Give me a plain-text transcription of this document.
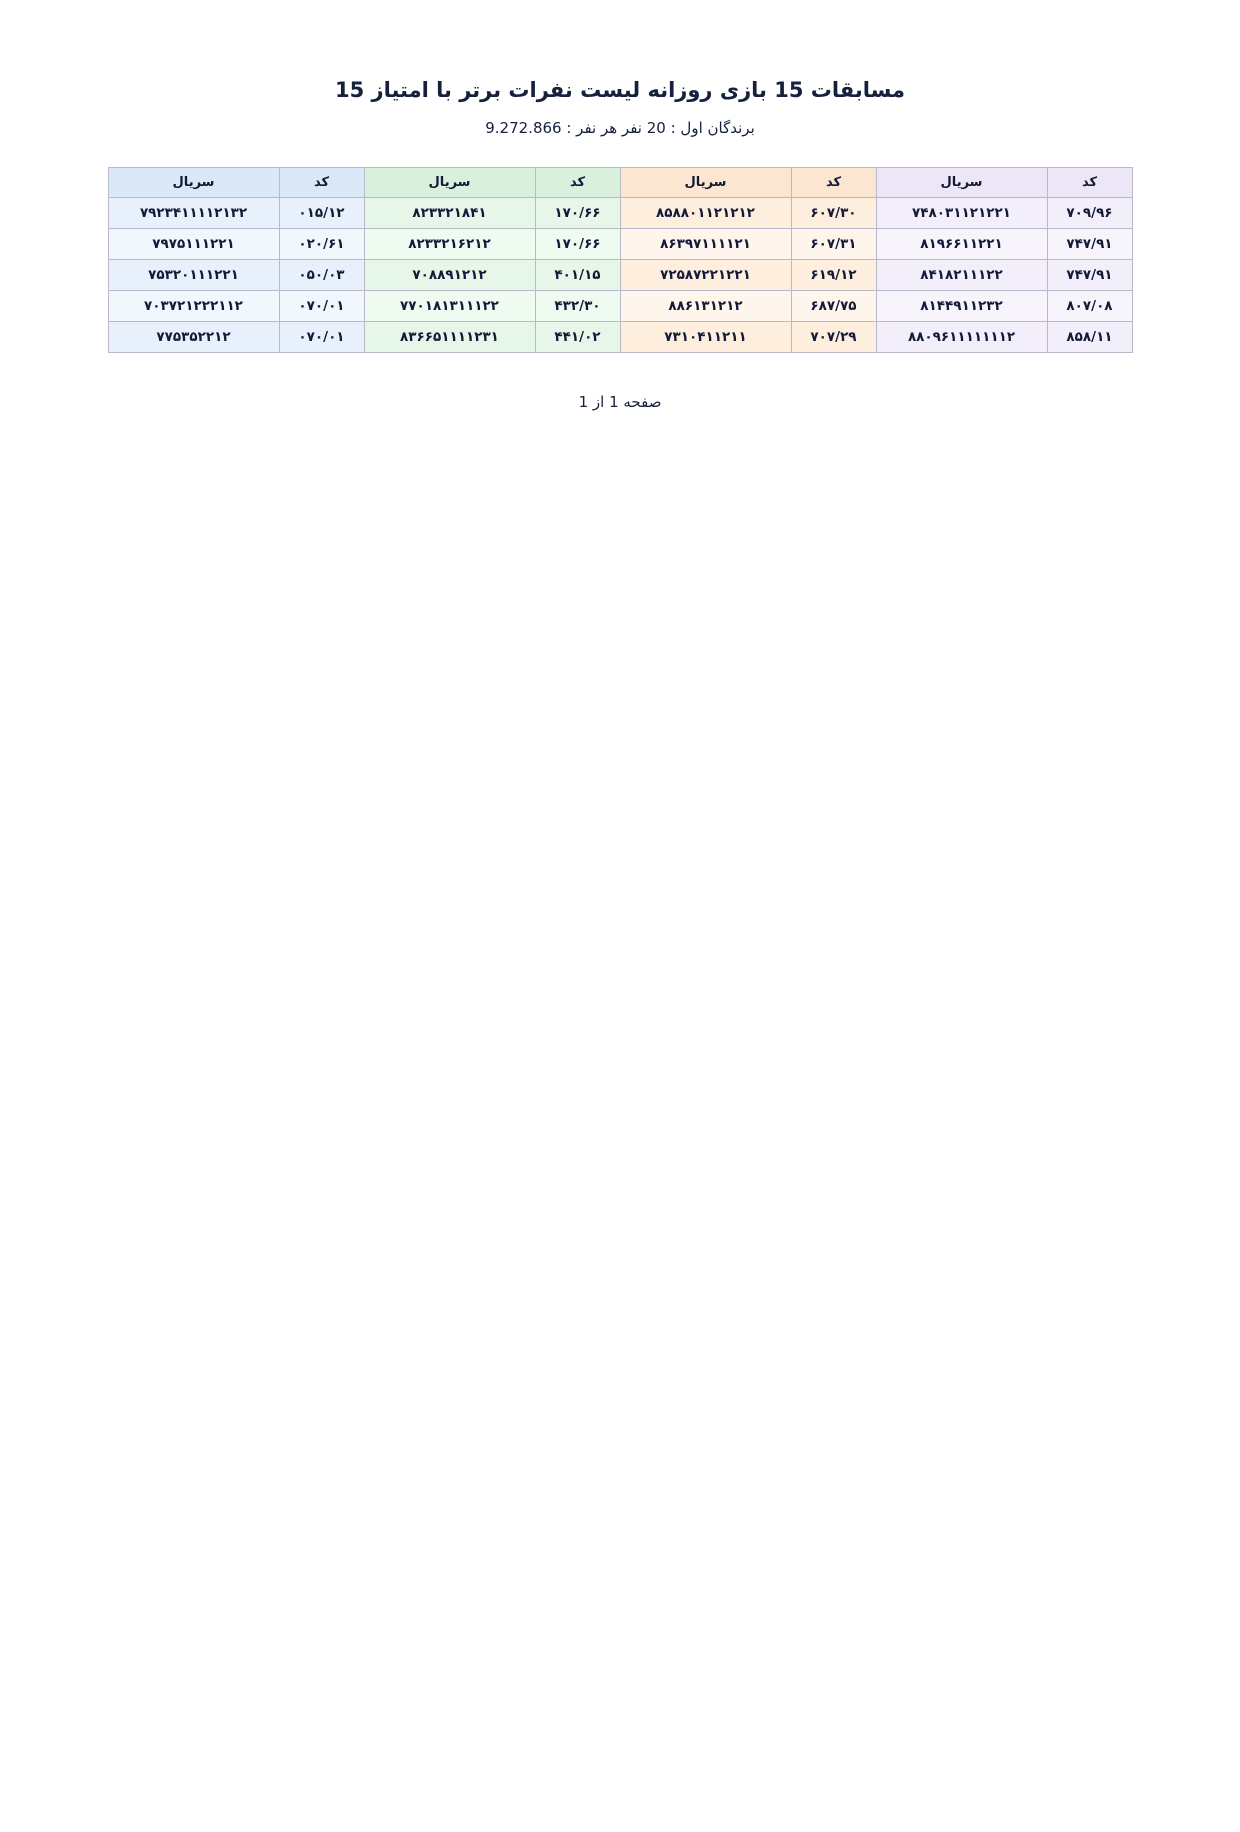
مسابقات 15 بازی روزانه لیست نفرات برتر با امتیاز 15
برندگان اول : 20 نفر هر نفر : 9.272.866
کد	سریال	کد	سریال	کد	سریال	کد	سریال
۷۰۹/۹۶	۷۴۸۰۳۱۱۲۱۲۲۱	۶۰۷/۳۰	۸۵۸۸۰۱۱۲۱۲۱۲	۱۷۰/۶۶	۸۲۳۳۲۱۸۴۱	۰۱۵/۱۲	۷۹۲۳۴۱۱۱۱۲۱۳۲
۷۴۷/۹۱	۸۱۹۶۶۱۱۲۲۱	۶۰۷/۳۱	۸۶۳۹۷۱۱۱۱۲۱	۱۷۰/۶۶	۸۲۳۳۲۱۶۲۱۲	۰۲۰/۶۱	۷۹۷۵۱۱۱۲۲۱
۷۴۷/۹۱	۸۴۱۸۲۱۱۱۲۲	۶۱۹/۱۲	۷۲۵۸۷۲۲۱۲۲۱	۴۰۱/۱۵	۷۰۸۸۹۱۲۱۲	۰۵۰/۰۳	۷۵۳۲۰۱۱۱۲۲۱
۸۰۷/۰۸	۸۱۴۴۹۱۱۲۳۲	۶۸۷/۷۵	۸۸۶۱۳۱۲۱۲	۴۳۲/۳۰	۷۷۰۱۸۱۳۱۱۱۲۲	۰۷۰/۰۱	۷۰۳۷۲۱۲۲۲۱۱۲
۸۵۸/۱۱	۸۸۰۹۶۱۱۱۱۱۱۱۲	۷۰۷/۲۹	۷۳۱۰۴۱۱۲۱۱	۴۴۱/۰۲	۸۳۶۶۵۱۱۱۱۲۳۱	۰۷۰/۰۱	۷۷۵۳۵۲۲۱۲
صفحه 1 از 1
